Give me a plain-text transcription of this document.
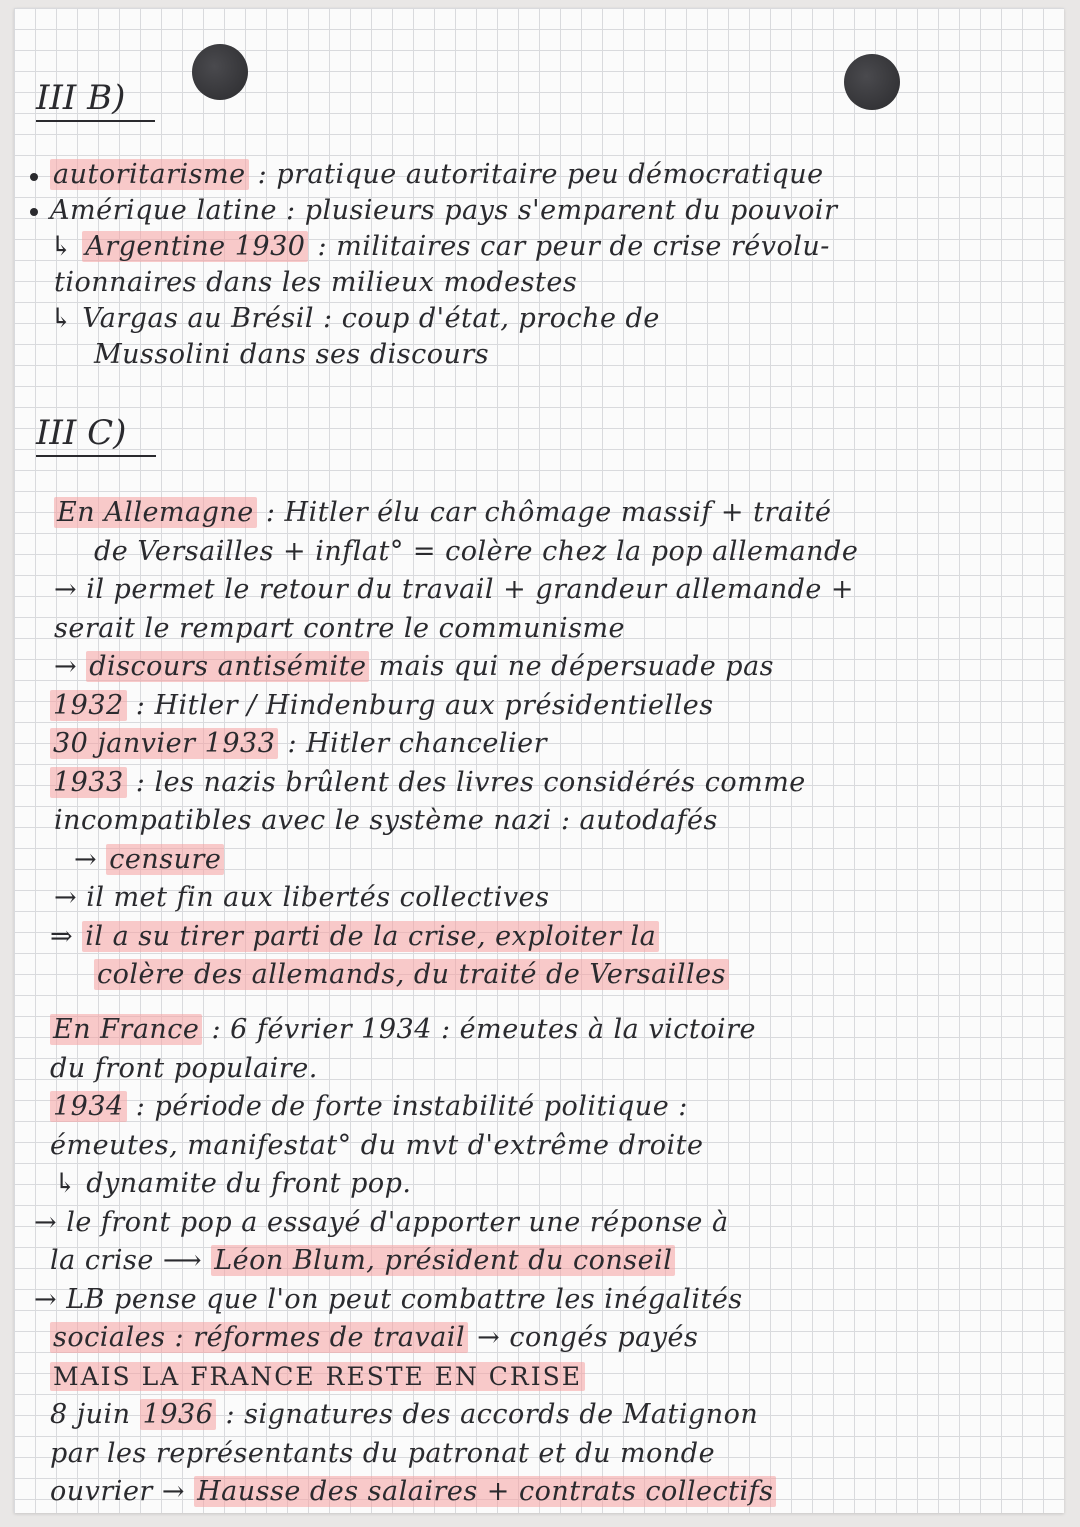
III B)
autoritarisme : pratique autoritaire peu démocratique
Amérique latine : plusieurs pays s'emparent du pouvoir
↳ Argentine 1930 : militaires car peur de crise révolu-
tionnaires dans les milieux modestes
↳ Vargas au Brésil : coup d'état, proche de
Mussolini dans ses discours
III C)
En Allemagne : Hitler élu car chômage massif + traité
de Versailles + inflat° = colère chez la pop allemande
→ il permet le retour du travail + grandeur allemande +
serait le rempart contre le communisme
→ discours antisémite mais qui ne dépersuade pas
1932 : Hitler / Hindenburg aux présidentielles
30 janvier 1933 : Hitler chancelier
1933 : les nazis brûlent des livres considérés comme
incompatibles avec le système nazi : autodafés
→ censure
→ il met fin aux libertés collectives
⇒ il a su tirer parti de la crise, exploiter la
colère des allemands, du traité de Versailles
En France : 6 février 1934 : émeutes à la victoire
du front populaire.
1934 : période de forte instabilité politique :
émeutes, manifestat° du mvt d'extrême droite
↳ dynamite du front pop.
→ le front pop a essayé d'apporter une réponse à
la crise ⟶ Léon Blum, président du conseil
→ LB pense que l'on peut combattre les inégalités
sociales : réformes de travail → congés payés
MAIS LA FRANCE RESTE EN CRISE
8 juin 1936 : signatures des accords de Matignon
par les représentants du patronat et du monde
ouvrier → Hausse des salaires + contrats collectifs
